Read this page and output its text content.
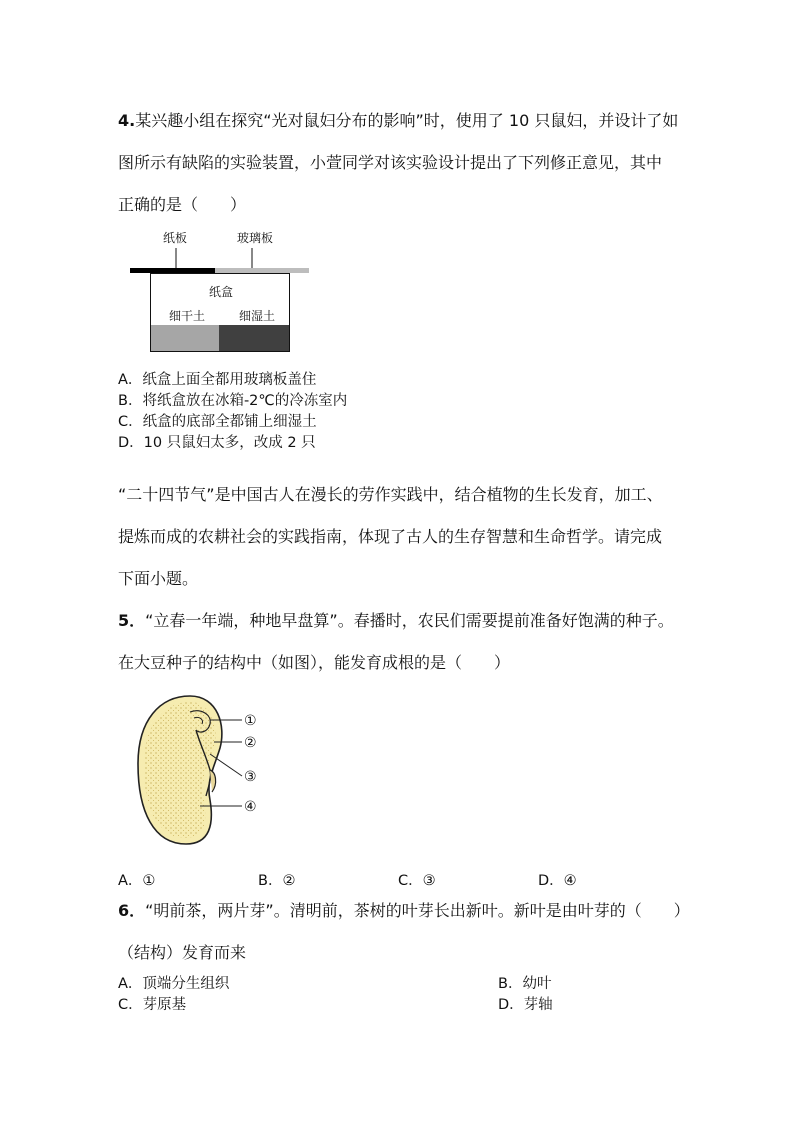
4.某兴趣小组在探究“光对鼠妇分布的影响”时，使用了 10 只鼠妇，并设计了如
图所示有缺陷的实验装置，小萱同学对该实验设计提出了下列修正意见，其中
正确的是（　　）
纸板	玻璃板
纸盒
细干土	细湿土
A．纸盒上面全都用玻璃板盖住
B．将纸盒放在冰箱-2℃的冷冻室内
C．纸盒的底部全都铺上细湿土
D．10 只鼠妇太多，改成 2 只
“二十四节气”是中国古人在漫长的劳作实践中，结合植物的生长发育，加工、
提炼而成的农耕社会的实践指南，体现了古人的生存智慧和生命哲学。请完成
下面小题。
5．“立春一年端，种地早盘算”。春播时，农民们需要提前准备好饱满的种子。
在大豆种子的结构中（如图），能发育成根的是（　　）
①
②
③
④
A．①	B．②	C．③	D．④
6．“明前茶，两片芽”。清明前，茶树的叶芽长出新叶。新叶是由叶芽的（　　）
（结构）发育而来
A．顶端分生组织	B．幼叶
C．芽原基	D．芽轴
